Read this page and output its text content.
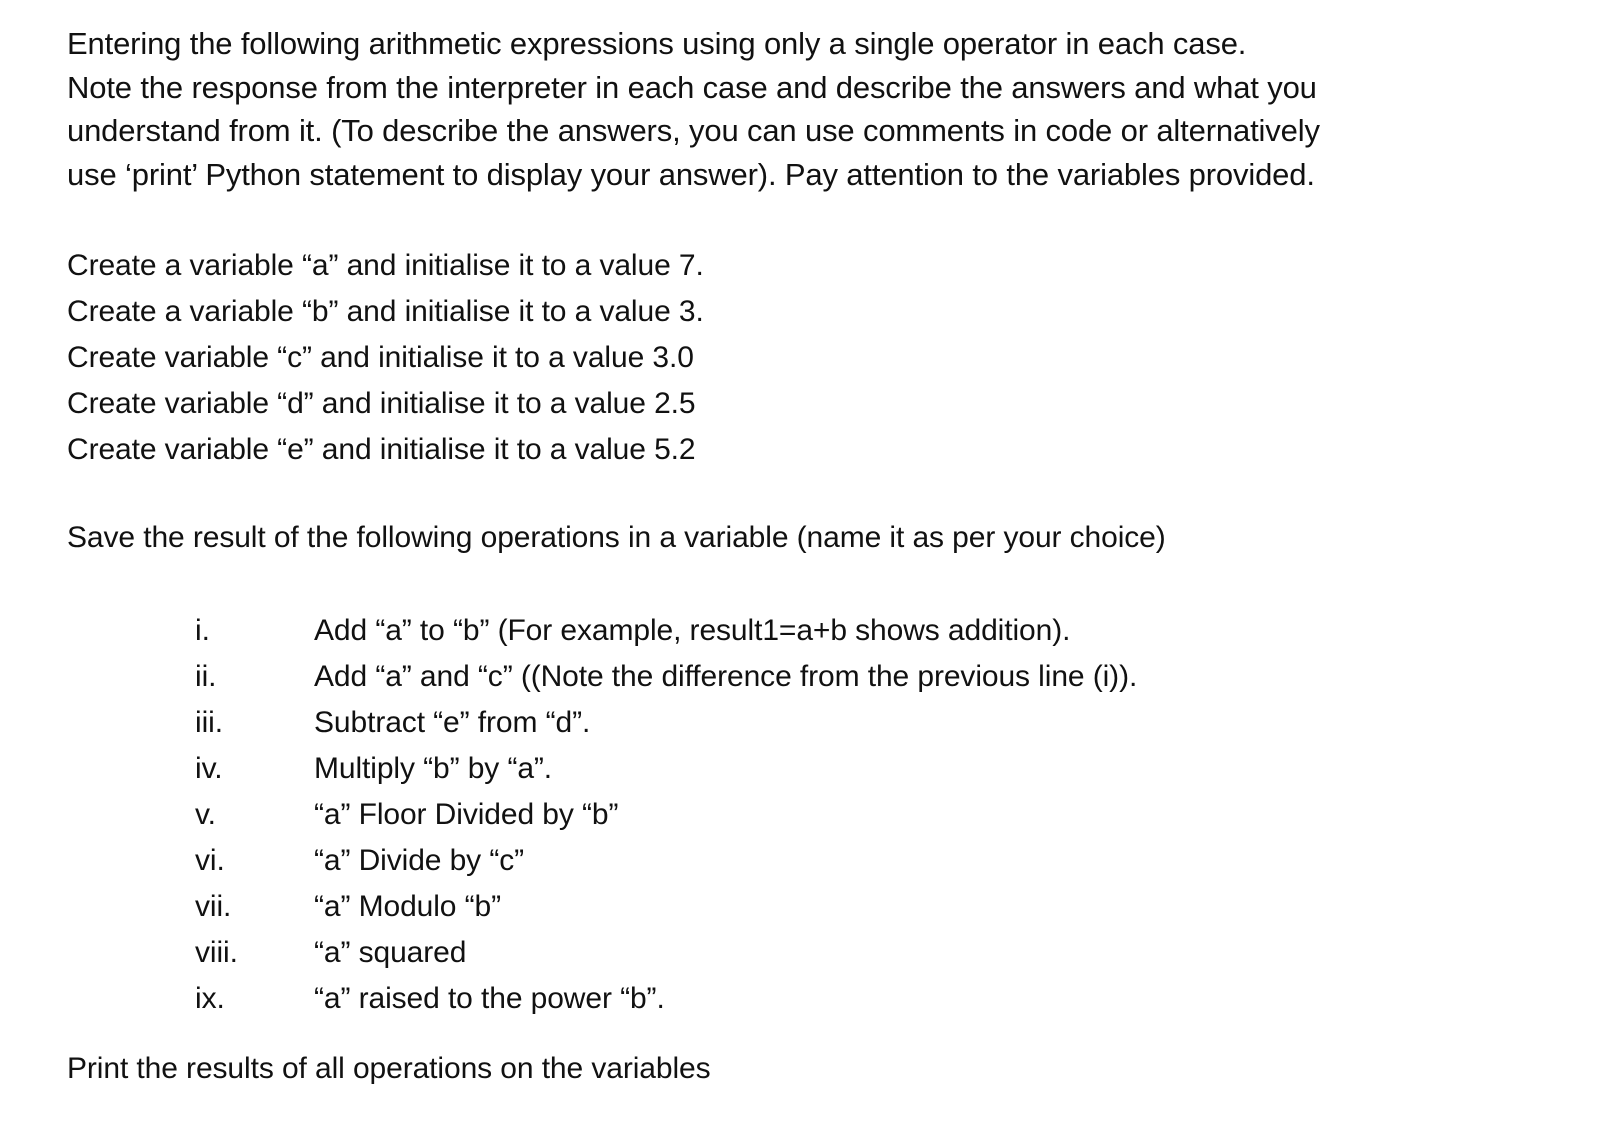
Entering the following arithmetic expressions using only a single operator in each case.

Note the response from the interpreter in each case and describe the answers and what you

understand from it. (To describe the answers, you can use comments in code or alternatively

use ‘print’ Python statement to display your answer). Pay attention to the variables provided.

Create a variable “a” and initialise it to a value 7.

Create a variable “b” and initialise it to a value 3.

Create variable “c” and initialise it to a value 3.0

Create variable “d” and initialise it to a value 2.5

Create variable “e” and initialise it to a value 5.2

Save the result of the following operations in a variable (name it as per your choice)

i.	Add “a” to “b” (For example, result1=a+b shows addition).
ii.	Add “a” and “c” ((Note the difference from the previous line (i)).
iii.	Subtract “e” from “d”.
iv.	Multiply “b” by “a”.
v.	“a” Floor Divided by “b”
vi.	“a” Divide by “c”
vii.	“a” Modulo “b”
viii.	“a” squared
ix.	“a” raised to the power “b”.

Print the results of all operations on the variables
